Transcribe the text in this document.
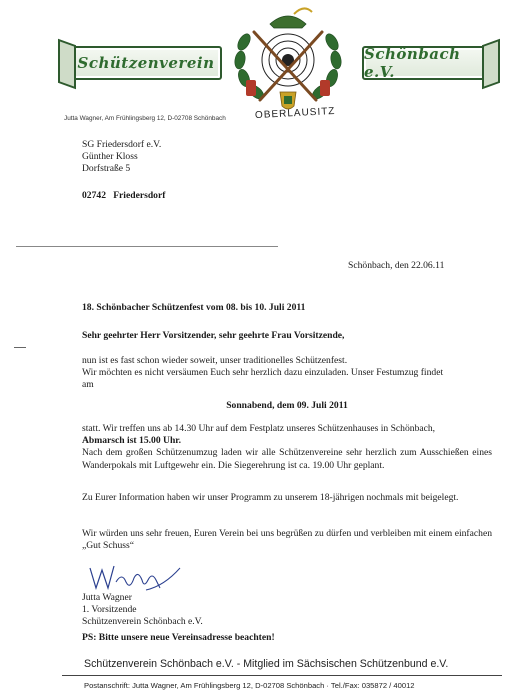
Schützenverein	Schönbach e.V.
OBERLAUSITZ
Jutta Wagner, Am Frühlingsberg 12, D-02708 Schönbach
SG Friedersdorf e.V.
Günther Kloss
Dorfstraße 5
02742 Friedersdorf
Schönbach, den 22.06.11
18. Schönbacher Schützenfest vom 08. bis 10. Juli 2011
Sehr geehrter Herr Vorsitzender, sehr geehrte Frau Vorsitzende,
nun ist es fast schon wieder soweit, unser traditionelles Schützenfest.
Wir möchten es nicht versäumen Euch sehr herzlich dazu einzuladen. Unser Festumzug findet
am
Sonnabend, dem 09. Juli 2011
statt. Wir treffen uns ab 14.30 Uhr auf dem Festplatz unseres Schützenhauses in Schönbach,
Abmarsch ist 15.00 Uhr.
Nach dem großen Schützenumzug laden wir alle Schützenvereine sehr herzlich zum Ausschießen eines Wanderpokals mit Luftgewehr ein. Die Siegerehrung ist ca. 19.00 Uhr geplant.
Zu Eurer Information haben wir unser Programm zu unserem 18-jährigen nochmals mit beigelegt.
Wir würden uns sehr freuen, Euren Verein bei uns begrüßen zu dürfen und verbleiben mit einem einfachen „Gut Schuss“
Jutta Wagner
1. Vorsitzende
Schützenverein Schönbach e.V.
PS: Bitte unsere neue Vereinsadresse beachten!
Schützenverein Schönbach e.V. - Mitglied im Sächsischen Schützenbund e.V.
Postanschrift: Jutta Wagner, Am Frühlingsberg 12, D-02708 Schönbach · Tel./Fax: 035872 / 40012
